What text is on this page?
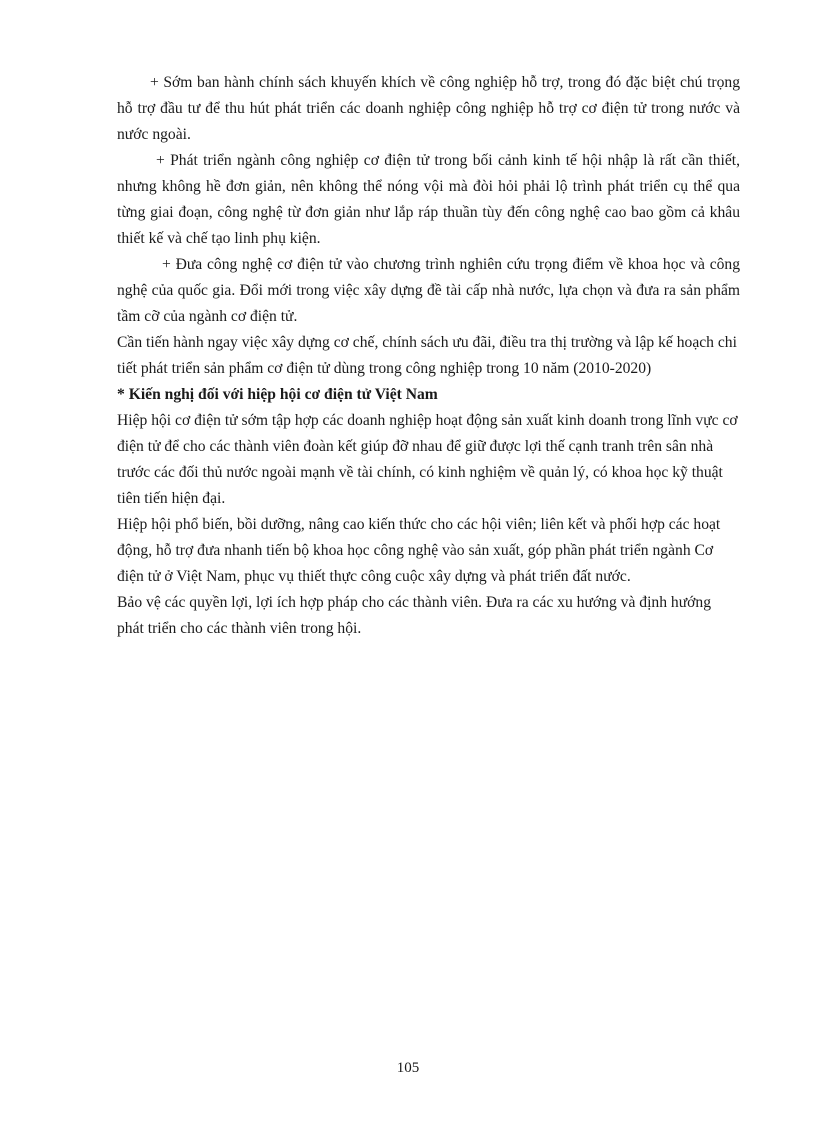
+ Sớm ban hành chính sách khuyến khích về công nghiệp hỗ trợ, trong đó đặc biệt chú trọng hỗ trợ đầu tư để thu hút phát triển các doanh nghiệp công nghiệp hỗ trợ cơ điện tử trong nước và nước ngoài.

+ Phát triển ngành công nghiệp cơ điện tử trong bối cảnh kinh tế hội nhập là rất cần thiết, nhưng không hề đơn giản, nên không thể nóng vội mà đòi hỏi phải lộ trình phát triển cụ thể qua từng giai đoạn, công nghệ từ đơn giản như lắp ráp thuần tùy đến công nghệ cao bao gồm cả khâu thiết kế và chế tạo linh phụ kiện.

+ Đưa công nghệ cơ điện tử vào chương trình nghiên cứu trọng điểm về khoa học và công nghệ của quốc gia. Đổi mới trong việc xây dựng đề tài cấp nhà nước, lựa chọn và đưa ra sản phẩm tầm cỡ của ngành cơ điện tử.

Cần tiến hành ngay việc xây dựng cơ chế, chính sách ưu đãi, điều tra thị trường và lập kế hoạch chi tiết phát triển sản phẩm cơ điện tử dùng trong công nghiệp trong 10 năm (2010-2020)

* Kiến nghị đối với hiệp hội cơ điện tử Việt Nam

Hiệp hội cơ điện tử sớm tập hợp các doanh nghiệp hoạt động sản xuất kinh doanh trong lĩnh vực cơ điện tử để cho các thành viên đoàn kết giúp đỡ nhau để giữ được lợi thế cạnh tranh trên sân nhà trước các đối thủ nước ngoài mạnh về tài chính, có kinh nghiệm về quản lý, có khoa học kỹ thuật tiên tiến hiện đại.

Hiệp hội phổ biến, bồi dưỡng, nâng cao kiến thức cho các hội viên; liên kết và phối hợp các hoạt động, hỗ trợ đưa nhanh tiến bộ khoa học công nghệ vào sản xuất, góp phần phát triển ngành Cơ điện tử ở Việt Nam, phục vụ thiết thực công cuộc xây dựng và phát triển đất nước.

Bảo vệ các quyền lợi, lợi ích hợp pháp cho các thành viên. Đưa ra các xu hướng và định hướng phát triển cho các thành viên trong hội.

105
